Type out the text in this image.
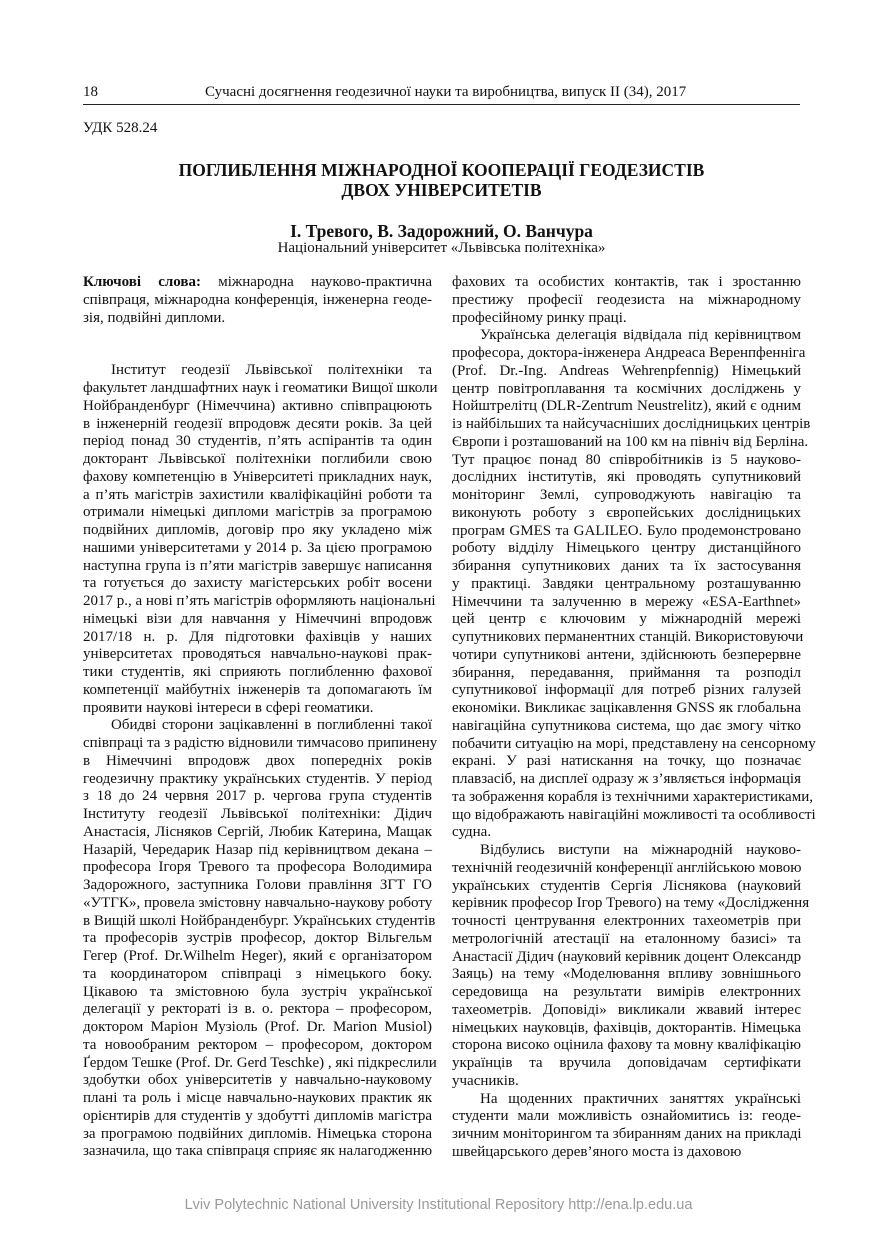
18	Сучасні досягнення геодезичної науки та виробництва, випуск ІІ (34), 2017
УДК 528.24
ПОГЛИБЛЕННЯ МІЖНАРОДНОЇ КООПЕРАЦІЇ ГЕОДЕЗИСТІВ
ДВОХ УНІВЕРСИТЕТІВ
І. Тревого, В. Задорожний, О. Ванчура
Національний університет «Львівська політехніка»
Ключові слова: міжнародна науково-практична
співпраця, міжнародна конференція, інженерна геоде-
зія, подвійні дипломи.
Інститут геодезії Львівської політехніки та
факультет ландшафтних наук і геоматики Вищої школи
Нойбранденбург (Німеччина) активно співпрацюють
в інженерній геодезії впродовж десяти років. За цей
період понад 30 студентів, п’ять аспірантів та один
докторант Львівської політехніки поглибили свою
фахову компетенцію в Університеті прикладних наук,
а п’ять магістрів захистили кваліфікаційні роботи та
отримали німецькі дипломи магістрів за програмою
подвійних дипломів, договір про яку укладено між
нашими університетами у 2014 р. За цією програмою
наступна група із п’яти магістрів завершує написання
та готується до захисту магістерських робіт восени
2017 р., а нові п’ять магістрів оформляють національні
німецькі візи для навчання у Німеччині впродовж
2017/18 н. р. Для підготовки фахівців у наших
університетах проводяться навчально-наукові прак-
тики студентів, які сприяють поглибленню фахової
компетенції майбутніх інженерів та допомагають їм
проявити наукові інтереси в сфері геоматики.
Обидві сторони зацікавленні в поглибленні такої
співпраці та з радістю відновили тимчасово припинену
в Німеччині впродовж двох попередніх років
геодезичну практику українських студентів. У період
з 18 до 24 червня 2017 р. чергова група студентів
Інституту геодезії Львівської політехніки: Дідич
Анастасія, Лісняков Сергій, Любик Катерина, Мащак
Назарій, Чередарик Назар під керівництвом декана –
професора Ігоря Тревого та професора Володимира
Задорожного, заступника Голови правління ЗГТ ГО
«УТГК», провела змістовну навчально-наукову роботу
в Вищій школі Нойбранденбург. Українських студентів
та професорів зустрів професор, доктор Вільгельм
Гегер (Prof. Dr.Wilhelm Heger), який є організатором
та координатором співпраці з німецького боку.
Цікавою та змістовною була зустріч української
делегації у ректораті із в. о. ректора – професором,
доктором Маріон Музіоль (Prof. Dr. Marion Musiol)
та новообраним ректором – професором, доктором
Ґердом Тешке (Prof. Dr. Gerd Teschke) , які підкреслили
здобутки обох університетів у навчально-науковому
плані та роль і місце навчально-наукових практик як
орієнтирів для студентів у здобутті дипломів магістра
за програмою подвійних дипломів. Німецька сторона
зазначила, що така співпраця сприяє як налагодженню
фахових та особистих контактів, так і зростанню
престижу професії геодезиста на міжнародному
професійному ринку праці.
Українська делегація відвідала під керівництвом
професора, доктора-інженера Андреаса Веренпфенніга
(Prof. Dr.-Ing. Andreas Wehrenpfennig) Німецький
центр повітроплавання та космічних досліджень у
Нойштрелітц (DLR-Zentrum Neustrelitz), який є одним
із найбільших та найсучасніших дослідницьких центрів
Європи і розташований на 100 км на північ від Берліна.
Тут працює понад 80 співробітників із 5 науково-
дослідних інститутів, які проводять супутниковий
моніторинг Землі, супроводжують навігацію та
виконують роботу з європейських дослідницьких
програм GMES та GALILEO. Було продемонстровано
роботу відділу Німецького центру дистанційного
збирання супутникових даних та їх застосування
у практиці. Завдяки центральному розташуванню
Німеччини та залученню в мережу «ESA-Earthnet»
цей центр є ключовим у міжнародній мережі
супутникових перманентних станцій. Використовуючи
чотири супутникові антени, здійснюють безперервне
збирання, передавання, приймання та розподіл
супутникової інформації для потреб різних галузей
економіки. Викликає зацікавлення GNSS як глобальна
навігаційна супутникова система, що дає змогу чітко
побачити ситуацію на морі, представлену на сенсорному
екрані. У разі натискання на точку, що позначає
плавзасіб, на дисплеї одразу ж з’являється інформація
та зображення корабля із технічними характеристиками,
що відображають навігаційні можливості та особливості
судна.
Відбулись виступи на міжнародній науково-
технічній геодезичній конференції англійською мовою
українських студентів Сергія Ліснякова (науковий
керівник професор Ігор Тревого) на тему «Дослідження
точності центрування електронних тахеометрів при
метрологічній атестації на еталонному базисі» та
Анастасії Дідич (науковий керівник доцент Олександр
Заяць) на тему «Моделювання впливу зовнішнього
середовища на результати вимірів електронних
тахеометрів. Доповіді» викликали жвавий інтерес
німецьких науковців, фахівців, докторантів. Німецька
сторона високо оцінила фахову та мовну кваліфікацію
українців та вручила доповідачам сертифікати
учасників.
На щоденних практичних заняттях українські
студенти мали можливість ознайомитись із: геоде-
зичним моніторингом та збиранням даних на прикладі
швейцарського дерев’яного моста із даховою
Lviv Polytechnic National University Institutional Repository http://ena.lp.edu.ua
